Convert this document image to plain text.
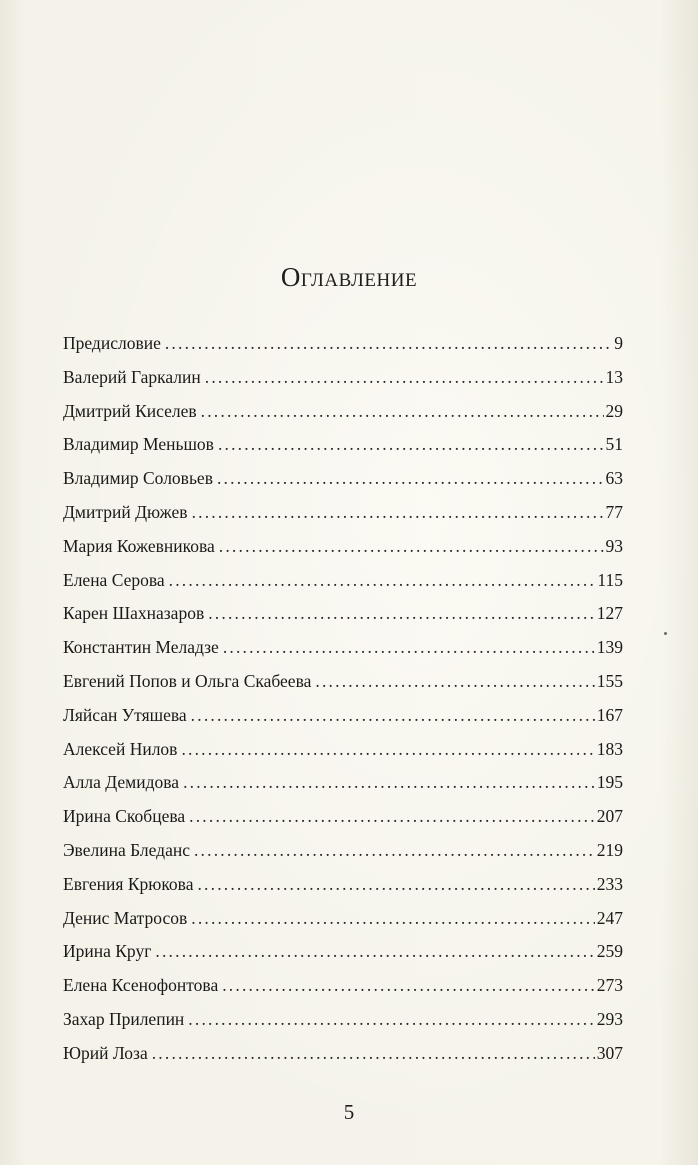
Оглавление
Предисловие .....	9
Валерий Гаркалин .....	13
Дмитрий Киселев .....	29
Владимир Меньшов .....	51
Владимир Соловьев .....	63
Дмитрий Дюжев .....	77
Мария Кожевникова .....	93
Елена Серова .....	115
Карен Шахназаров .....	127
Константин Меладзе .....	139
Евгений Попов и Ольга Скабеева .....	155
Ляйсан Утяшева .....	167
Алексей Нилов .....	183
Алла Демидова .....	195
Ирина Скобцева .....	207
Эвелина Бледанс .....	219
Евгения Крюкова .....	233
Денис Матросов .....	247
Ирина Круг .....	259
Елена Ксенофонтова .....	273
Захар Прилепин .....	293
Юрий Лоза .....	307
5
